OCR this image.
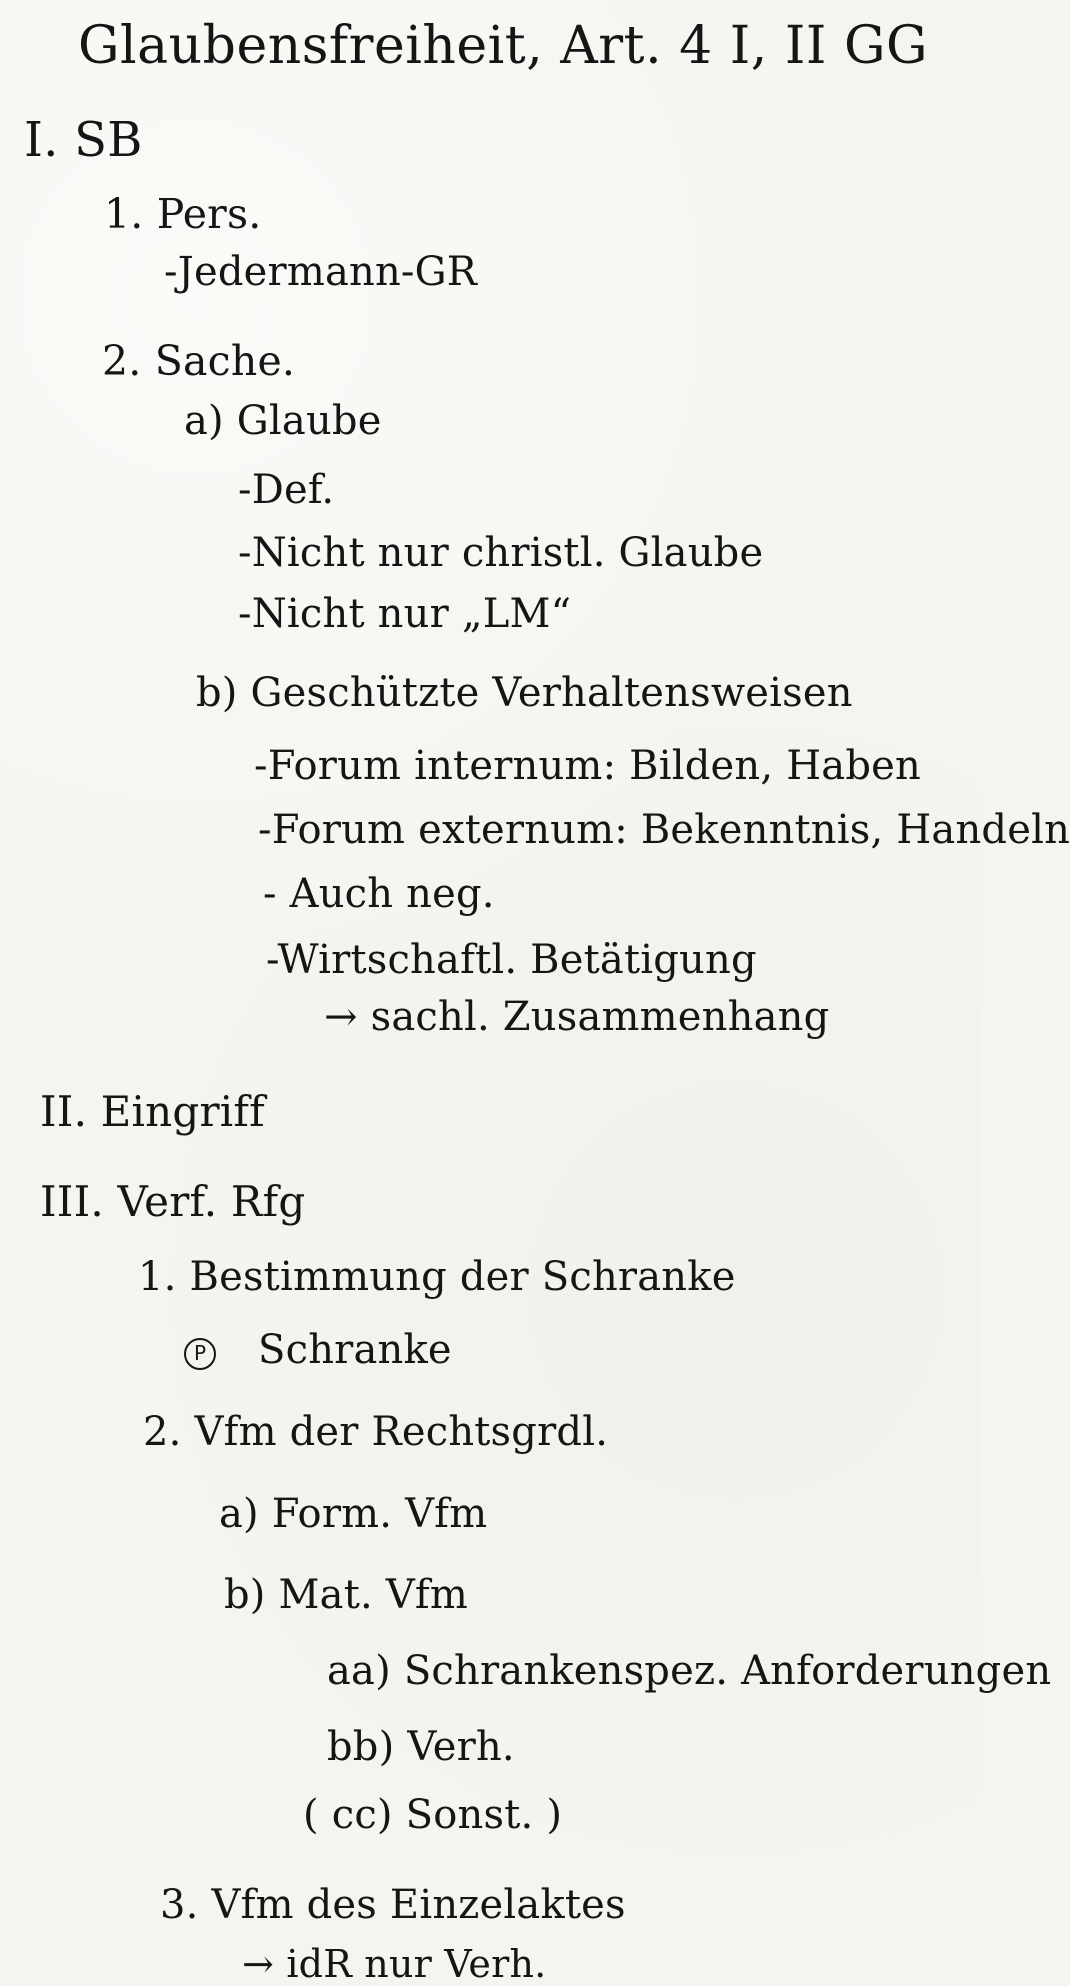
Glaubensfreiheit, Art. 4 I, II GG
I. SB
1. Pers.
-Jedermann-GR
2. Sache.
a) Glaube
-Def.
-Nicht nur christl. Glaube
-Nicht nur „LM“
b) Geschützte Verhaltensweisen
-Forum internum: Bilden, Haben
-Forum externum: Bekenntnis, Handeln
- Auch neg.
-Wirtschaftl. Betätigung
→ sachl. Zusammenhang
II. Eingriff
III. Verf. Rfg
1. Bestimmung der Schranke
P Schranke
2. Vfm der Rechtsgrdl.
a) Form. Vfm
b) Mat. Vfm
aa) Schrankenspez. Anforderungen
bb) Verh.
( cc) Sonst. )
3. Vfm des Einzelaktes
→ idR nur Verh.
